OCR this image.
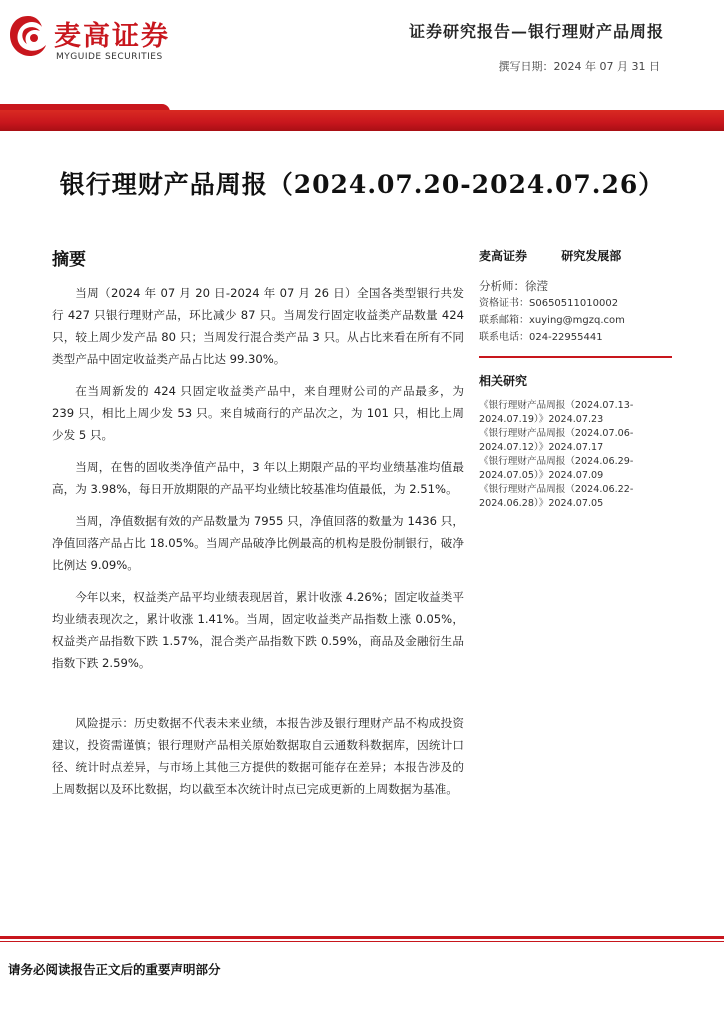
麦高证券
MYGUIDE SECURITIES
证券研究报告—银行理财产品周报
撰写日期：2024 年 07 月 31 日
银行理财产品周报（2024.07.20-2024.07.26）
摘要

当周（2024 年 07 月 20 日-2024 年 07 月 26 日）全国各类型银行共发行 427 只银行理财产品，环比减少 87 只。当周发行固定收益类产品数量 424 只，较上周少发产品 80 只；当周发行混合类产品 3 只。从占比来看在所有不同类型产品中固定收益类产品占比达 99.30%。

在当周新发的 424 只固定收益类产品中，来自理财公司的产品最多，为 239 只，相比上周少发 53 只。来自城商行的产品次之，为 101 只，相比上周少发 5 只。

当周，在售的固收类净值产品中，3 年以上期限产品的平均业绩基准均值最高，为 3.98%，每日开放期限的产品平均业绩比较基准均值最低，为 2.51%。

当周，净值数据有效的产品数量为 7955 只，净值回落的数量为 1436 只，净值回落产品占比 18.05%。当周产品破净比例最高的机构是股份制银行，破净比例达 9.09%。

今年以来，权益类产品平均业绩表现居首，累计收涨 4.26%；固定收益类平均业绩表现次之，累计收涨 1.41%。当周，固定收益类产品指数上涨 0.05%，权益类产品指数下跌 1.57%，混合类产品指数下跌 0.59%，商品及金融衍生品指数下跌 2.59%。

风险提示：历史数据不代表未来业绩，本报告涉及银行理财产品不构成投资建议，投资需谨慎；银行理财产品相关原始数据取自云通数科数据库，因统计口径、统计时点差异，与市场上其他三方提供的数据可能存在差异；本报告涉及的上周数据以及环比数据，均以截至本次统计时点已完成更新的上周数据为基准。

麦高证券	研究发展部
分析师：徐滢
资格证书：S0650511010002
联系邮箱：xuying@mgzq.com
联系电话：024-22955441
相关研究
《银行理财产品周报（2024.07.13-2024.07.19）》2024.07.23
《银行理财产品周报（2024.07.06-2024.07.12）》2024.07.17
《银行理财产品周报（2024.06.29-2024.07.05）》2024.07.09
《银行理财产品周报（2024.06.22-2024.06.28）》2024.07.05
请务必阅读报告正文后的重要声明部分
